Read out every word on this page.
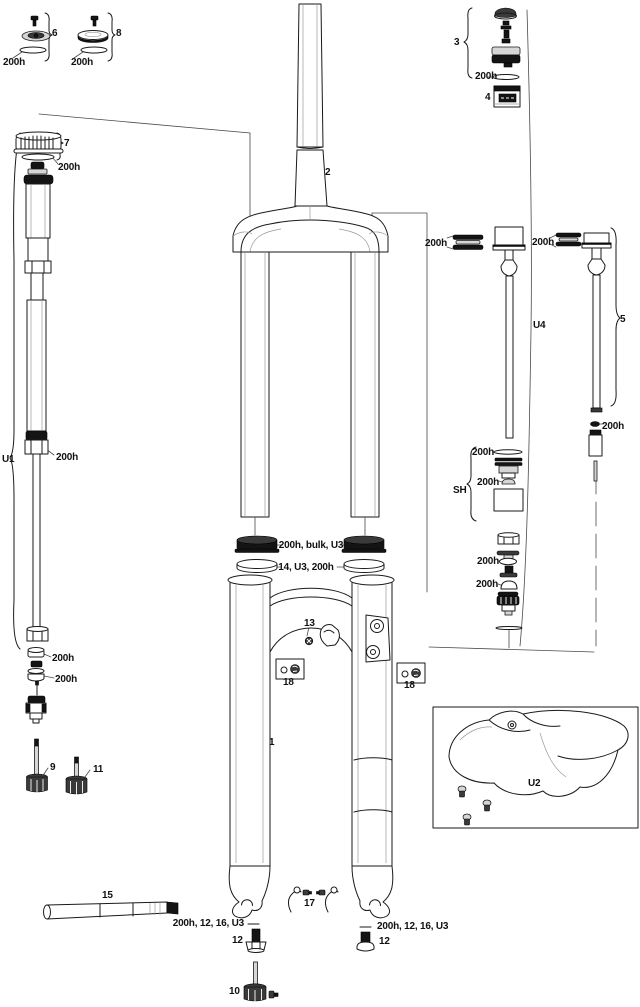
6
200h
8
200h
7
200h	2
3
200h
4
200h	200h
U4
5
200h
U1	200h
SH
200h
200h
200h
200h
200h, bulk, U3
14, U3, 200h
13
18	18
1
200h
200h
9	11
15
17
200h, 12, 16, U3	200h, 12, 16, U3
12	12
10
U2
